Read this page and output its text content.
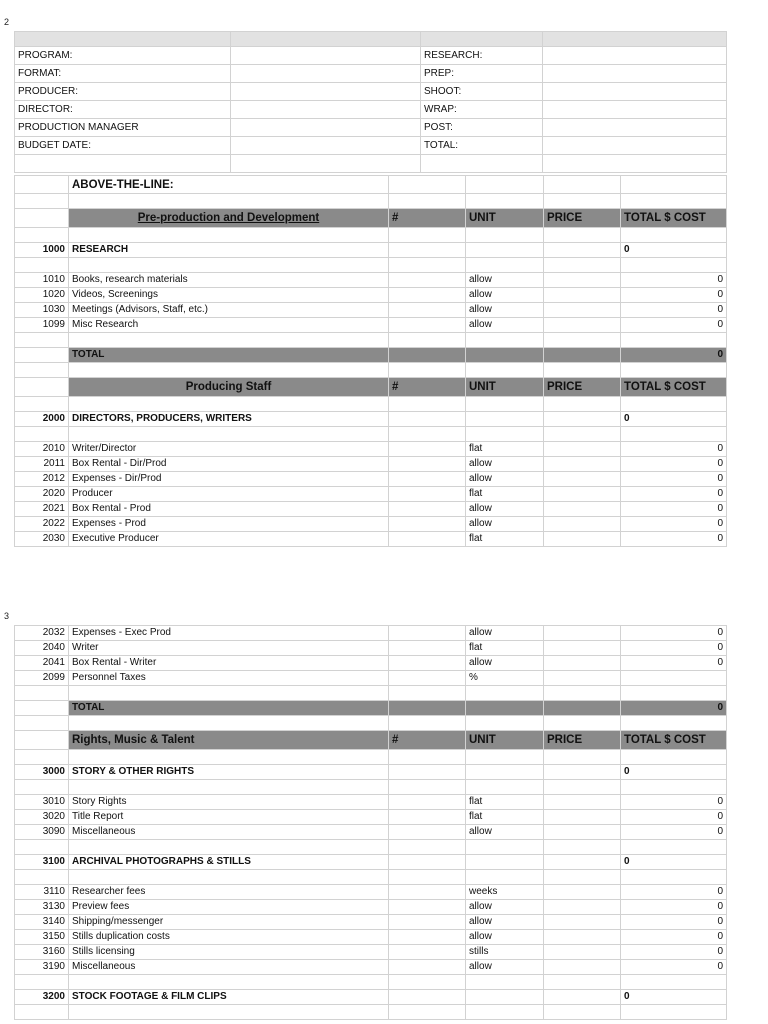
2

PROGRAM:		RESEARCH:	
FORMAT:		PREP:	
PRODUCER:		SHOOT:	
DIRECTOR:		WRAP:	
PRODUCTION MANAGER		POST:	
BUDGET DATE:		TOTAL:	

	ABOVE-THE-LINE:				

	Pre-production and Development	#	UNIT	PRICE	TOTAL $ COST

1000	RESEARCH				0

1010	Books, research materials		allow		0
1020	Videos, Screenings		allow		0
1030	Meetings (Advisors, Staff, etc.)		allow		0
1099	Misc Research		allow		0

	TOTAL				0

	Producing Staff	#	UNIT	PRICE	TOTAL $ COST

2000	DIRECTORS, PRODUCERS, WRITERS				0

2010	Writer/Director		flat		0
2011	Box Rental - Dir/Prod		allow		0
2012	Expenses - Dir/Prod		allow		0
2020	Producer		flat		0
2021	Box Rental - Prod		allow		0
2022	Expenses - Prod		allow		0
2030	Executive Producer		flat		0
3
2032	Expenses - Exec Prod		allow		0
2040	Writer		flat		0
2041	Box Rental - Writer		allow		0
2099	Personnel Taxes		%		

	TOTAL				0

	Rights, Music & Talent	#	UNIT	PRICE	TOTAL $ COST

3000	STORY & OTHER RIGHTS				0

3010	Story Rights		flat		0
3020	Title Report		flat		0
3090	Miscellaneous		allow		0

3100	ARCHIVAL PHOTOGRAPHS & STILLS				0

3110	Researcher fees		weeks		0
3130	Preview fees		allow		0
3140	Shipping/messenger		allow		0
3150	Stills duplication costs		allow		0
3160	Stills licensing		stills		0
3190	Miscellaneous		allow		0

3200	STOCK FOOTAGE & FILM CLIPS				0
